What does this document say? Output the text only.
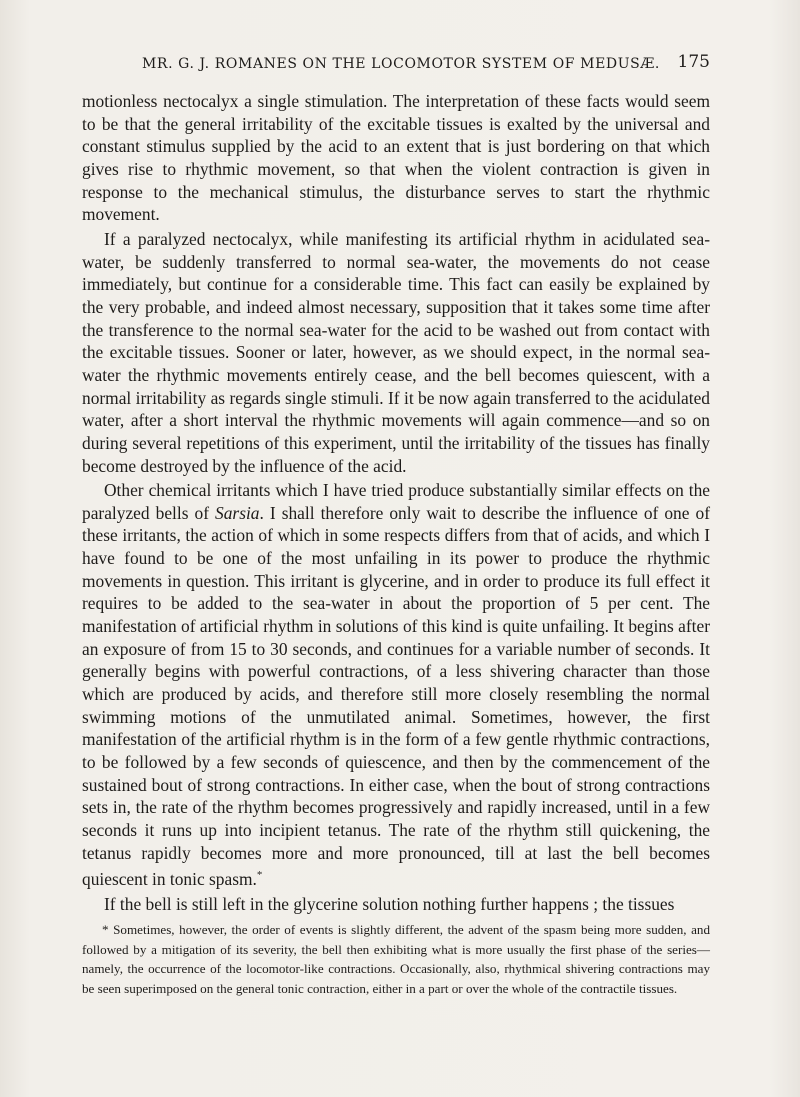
MR. G. J. ROMANES ON THE LOCOMOTOR SYSTEM OF MEDUSÆ. 175

motionless nectocalyx a single stimulation. The interpretation of these facts would seem to be that the general irritability of the excitable tissues is exalted by the universal and constant stimulus supplied by the acid to an extent that is just bordering on that which gives rise to rhythmic movement, so that when the violent contraction is given in response to the mechanical stimulus, the disturbance serves to start the rhythmic movement.

If a paralyzed nectocalyx, while manifesting its artificial rhythm in acidulated sea-water, be suddenly transferred to normal sea-water, the movements do not cease immediately, but continue for a considerable time. This fact can easily be explained by the very probable, and indeed almost necessary, supposition that it takes some time after the transference to the normal sea-water for the acid to be washed out from contact with the excitable tissues. Sooner or later, however, as we should expect, in the normal sea-water the rhythmic movements entirely cease, and the bell becomes quiescent, with a normal irritability as regards single stimuli. If it be now again transferred to the acidulated water, after a short interval the rhythmic movements will again commence—and so on during several repetitions of this experiment, until the irritability of the tissues has finally become destroyed by the influence of the acid.

Other chemical irritants which I have tried produce substantially similar effects on the paralyzed bells of Sarsia. I shall therefore only wait to describe the influence of one of these irritants, the action of which in some respects differs from that of acids, and which I have found to be one of the most unfailing in its power to produce the rhythmic movements in question. This irritant is glycerine, and in order to produce its full effect it requires to be added to the sea-water in about the proportion of 5 per cent. The manifestation of artificial rhythm in solutions of this kind is quite unfailing. It begins after an exposure of from 15 to 30 seconds, and continues for a variable number of seconds. It generally begins with powerful contractions, of a less shivering character than those which are produced by acids, and therefore still more closely resembling the normal swimming motions of the unmutilated animal. Sometimes, however, the first manifestation of the artificial rhythm is in the form of a few gentle rhythmic contractions, to be followed by a few seconds of quiescence, and then by the commencement of the sustained bout of strong contractions. In either case, when the bout of strong contractions sets in, the rate of the rhythm becomes progressively and rapidly increased, until in a few seconds it runs up into incipient tetanus. The rate of the rhythm still quickening, the tetanus rapidly becomes more and more pronounced, till at last the bell becomes quiescent in tonic spasm.*

If the bell is still left in the glycerine solution nothing further happens ; the tissues

* Sometimes, however, the order of events is slightly different, the advent of the spasm being more sudden, and followed by a mitigation of its severity, the bell then exhibiting what is more usually the first phase of the series—namely, the occurrence of the locomotor-like contractions. Occasionally, also, rhythmical shivering contractions may be seen superimposed on the general tonic contraction, either in a part or over the whole of the contractile tissues.
